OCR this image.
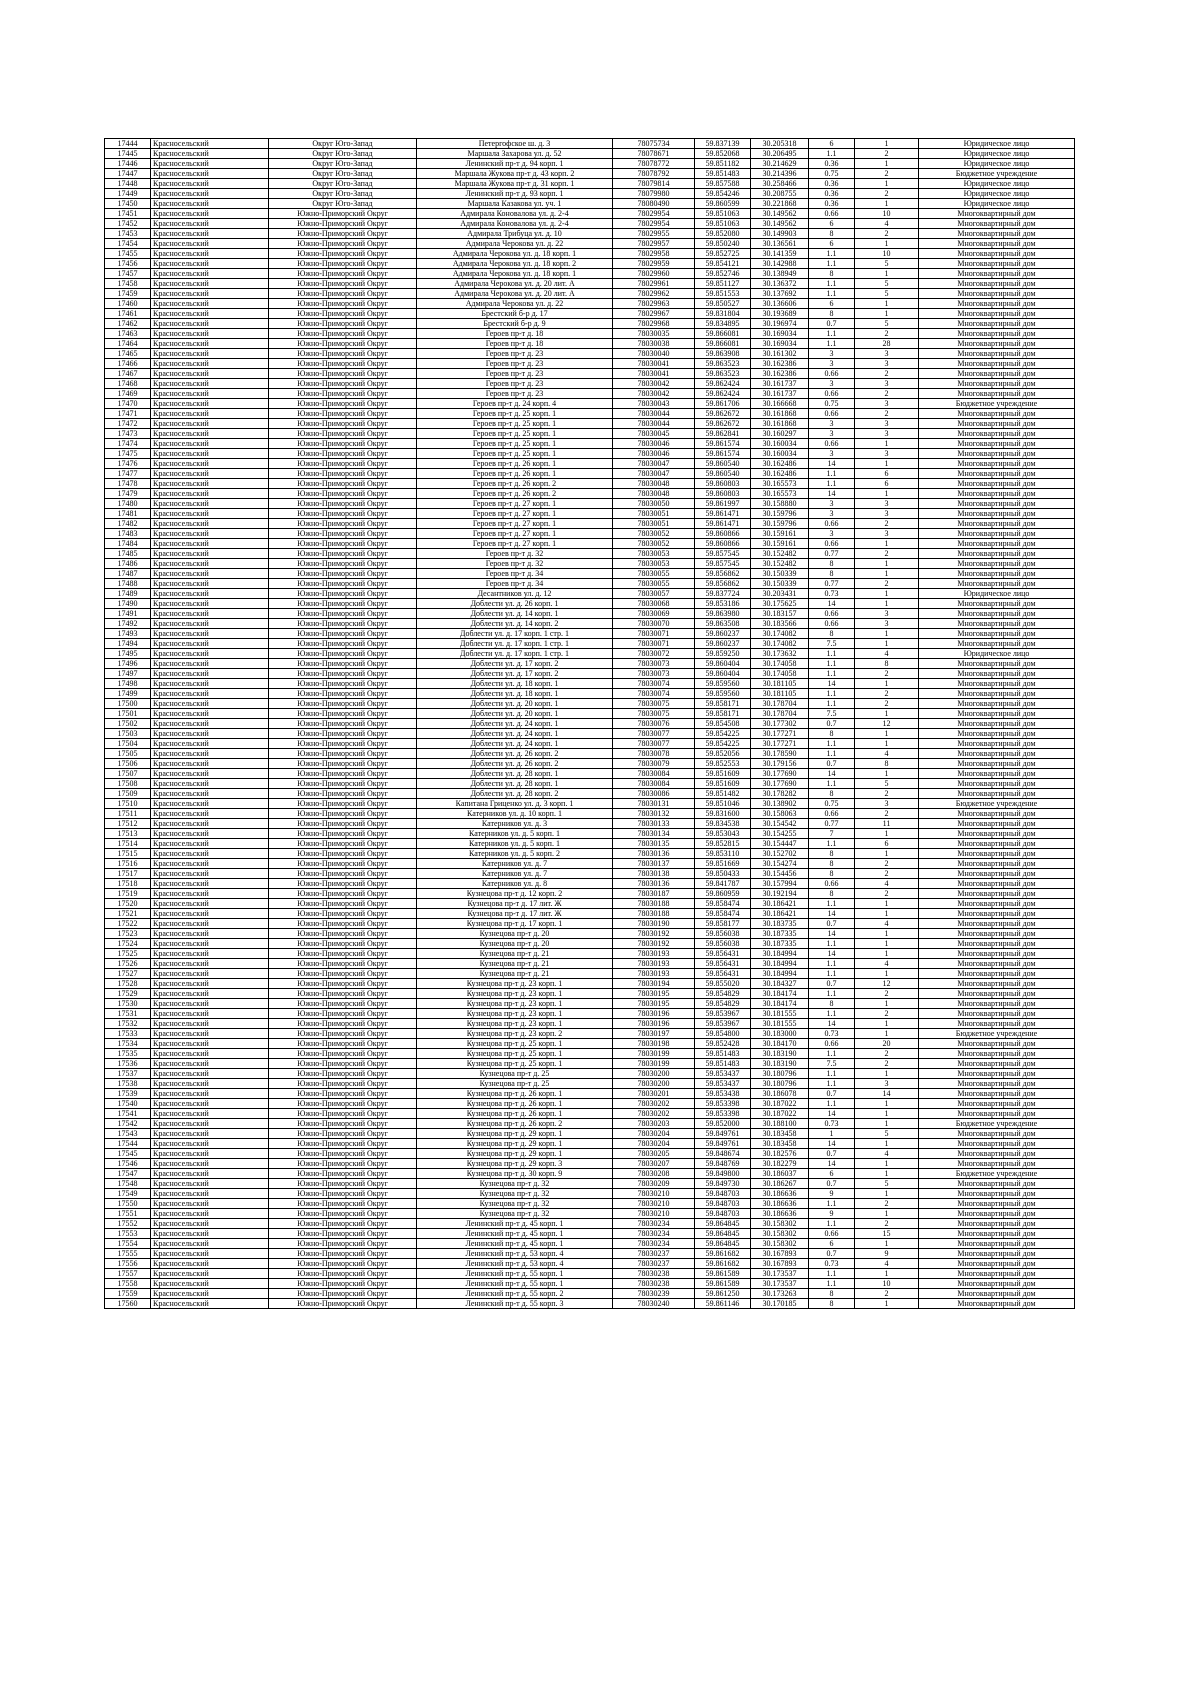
17444	Красносельский	Округ Юго-Запад	Петергофское ш. д. 3	78075734	59.837139	30.205318	6	1	Юридическое лицо
17445	Красносельский	Округ Юго-Запад	Маршала Захарова ул. д. 52	78078671	59.852068	30.206495	1.1	2	Юридическое лицо
17446	Красносельский	Округ Юго-Запад	Ленинский пр-т д. 94 корп. 1	78078772	59.851182	30.214629	0.36	1	Юридическое лицо
17447	Красносельский	Округ Юго-Запад	Маршала Жукова пр-т д. 43 корп. 2	78078792	59.851483	30.214396	0.75	2	Бюджетное учреждение
17448	Красносельский	Округ Юго-Запад	Маршала Жукова пр-т д. 31 корп. 1	78079814	59.857588	30.258466	0.36	1	Юридическое лицо
17449	Красносельский	Округ Юго-Запад	Ленинский пр-т д. 93 корп. 1	78079980	59.854246	30.208755	0.36	2	Юридическое лицо
17450	Красносельский	Округ Юго-Запад	Маршала Казакова ул. уч. 1	78080490	59.860599	30.221868	0.36	1	Юридическое лицо
17451	Красносельский	Южно-Приморский Округ	Адмирала Коновалова ул. д. 2-4	78029954	59.851063	30.149562	0.66	10	Многоквартирный дом
17452	Красносельский	Южно-Приморский Округ	Адмирала Коновалова ул. д. 2-4	78029954	59.851063	30.149562	6	4	Многоквартирный дом
17453	Красносельский	Южно-Приморский Округ	Адмирала Трибуца ул. д. 10	78029955	59.852080	30.149903	8	2	Многоквартирный дом
17454	Красносельский	Южно-Приморский Округ	Адмирала Черокова ул. д. 22	78029957	59.850240	30.136561	6	1	Многоквартирный дом
17455	Красносельский	Южно-Приморский Округ	Адмирала Черокова ул. д. 18 корп. 1	78029958	59.852725	30.141359	1.1	10	Многоквартирный дом
17456	Красносельский	Южно-Приморский Округ	Адмирала Черокова ул. д. 18 корп. 2	78029959	59.854121	30.142988	1.1	5	Многоквартирный дом
17457	Красносельский	Южно-Приморский Округ	Адмирала Черокова ул. д. 18 корп. 1	78029960	59.852746	30.138949	8	1	Многоквартирный дом
17458	Красносельский	Южно-Приморский Округ	Адмирала Черокова ул. д. 20 лит. А	78029961	59.851127	30.136372	1.1	5	Многоквартирный дом
17459	Красносельский	Южно-Приморский Округ	Адмирала Черокова ул. д. 20 лит. А	78029962	59.851553	30.137692	1.1	5	Многоквартирный дом
17460	Красносельский	Южно-Приморский Округ	Адмирала Черокова ул. д. 22	78029963	59.850527	30.136606	6	1	Многоквартирный дом
17461	Красносельский	Южно-Приморский Округ	Брестский б-р д. 17	78029967	59.831804	30.193689	8	1	Многоквартирный дом
17462	Красносельский	Южно-Приморский Округ	Брестский б-р д. 9	78029968	59.834895	30.196974	0.7	5	Многоквартирный дом
17463	Красносельский	Южно-Приморский Округ	Героев пр-т д. 18	78030035	59.866081	30.169034	1.1	2	Многоквартирный дом
17464	Красносельский	Южно-Приморский Округ	Героев пр-т д. 18	78030038	59.866081	30.169034	1.1	28	Многоквартирный дом
17465	Красносельский	Южно-Приморский Округ	Героев пр-т д. 23	78030040	59.863908	30.161302	3	3	Многоквартирный дом
17466	Красносельский	Южно-Приморский Округ	Героев пр-т д. 23	78030041	59.863523	30.162386	3	3	Многоквартирный дом
17467	Красносельский	Южно-Приморский Округ	Героев пр-т д. 23	78030041	59.863523	30.162386	0.66	2	Многоквартирный дом
17468	Красносельский	Южно-Приморский Округ	Героев пр-т д. 23	78030042	59.862424	30.161737	3	3	Многоквартирный дом
17469	Красносельский	Южно-Приморский Округ	Героев пр-т д. 23	78030042	59.862424	30.161737	0.66	2	Многоквартирный дом
17470	Красносельский	Южно-Приморский Округ	Героев пр-т д. 24 корп. 4	78030043	59.861706	30.166668	0.75	3	Бюджетное учреждение
17471	Красносельский	Южно-Приморский Округ	Героев пр-т д. 25 корп. 1	78030044	59.862672	30.161868	0.66	2	Многоквартирный дом
17472	Красносельский	Южно-Приморский Округ	Героев пр-т д. 25 корп. 1	78030044	59.862672	30.161868	3	3	Многоквартирный дом
17473	Красносельский	Южно-Приморский Округ	Героев пр-т д. 25 корп. 1	78030045	59.862841	30.160297	3	3	Многоквартирный дом
17474	Красносельский	Южно-Приморский Округ	Героев пр-т д. 25 корп. 1	78030046	59.861574	30.160034	0.66	1	Многоквартирный дом
17475	Красносельский	Южно-Приморский Округ	Героев пр-т д. 25 корп. 1	78030046	59.861574	30.160034	3	3	Многоквартирный дом
17476	Красносельский	Южно-Приморский Округ	Героев пр-т д. 26 корп. 1	78030047	59.860540	30.162486	14	1	Многоквартирный дом
17477	Красносельский	Южно-Приморский Округ	Героев пр-т д. 26 корп. 1	78030047	59.860540	30.162486	1.1	6	Многоквартирный дом
17478	Красносельский	Южно-Приморский Округ	Героев пр-т д. 26 корп. 2	78030048	59.860803	30.165573	1.1	6	Многоквартирный дом
17479	Красносельский	Южно-Приморский Округ	Героев пр-т д. 26 корп. 2	78030048	59.860803	30.165573	14	1	Многоквартирный дом
17480	Красносельский	Южно-Приморский Округ	Героев пр-т д. 27 корп. 1	78030050	59.861997	30.158880	3	3	Многоквартирный дом
17481	Красносельский	Южно-Приморский Округ	Героев пр-т д. 27 корп. 1	78030051	59.861471	30.159796	3	3	Многоквартирный дом
17482	Красносельский	Южно-Приморский Округ	Героев пр-т д. 27 корп. 1	78030051	59.861471	30.159796	0.66	2	Многоквартирный дом
17483	Красносельский	Южно-Приморский Округ	Героев пр-т д. 27 корп. 1	78030052	59.860866	30.159161	3	3	Многоквартирный дом
17484	Красносельский	Южно-Приморский Округ	Героев пр-т д. 27 корп. 1	78030052	59.860866	30.159161	0.66	1	Многоквартирный дом
17485	Красносельский	Южно-Приморский Округ	Героев пр-т д. 32	78030053	59.857545	30.152482	0.77	2	Многоквартирный дом
17486	Красносельский	Южно-Приморский Округ	Героев пр-т д. 32	78030053	59.857545	30.152482	8	1	Многоквартирный дом
17487	Красносельский	Южно-Приморский Округ	Героев пр-т д. 34	78030055	59.856862	30.150339	8	1	Многоквартирный дом
17488	Красносельский	Южно-Приморский Округ	Героев пр-т д. 34	78030055	59.856862	30.150339	0.77	2	Многоквартирный дом
17489	Красносельский	Южно-Приморский Округ	Десантников ул. д. 12	78030057	59.837724	30.203431	0.73	1	Юридическое лицо
17490	Красносельский	Южно-Приморский Округ	Доблести ул. д. 26 корп. 1	78030068	59.853186	30.175625	14	1	Многоквартирный дом
17491	Красносельский	Южно-Приморский Округ	Доблести ул. д. 14 корп. 1	78030069	59.863980	30.183157	0.66	3	Многоквартирный дом
17492	Красносельский	Южно-Приморский Округ	Доблести ул. д. 14 корп. 2	78030070	59.863508	30.183566	0.66	3	Многоквартирный дом
17493	Красносельский	Южно-Приморский Округ	Доблести ул. д. 17 корп. 1 стр. 1	78030071	59.860237	30.174082	8	1	Многоквартирный дом
17494	Красносельский	Южно-Приморский Округ	Доблести ул. д. 17 корп. 1 стр. 1	78030071	59.860237	30.174082	7.5	1	Многоквартирный дом
17495	Красносельский	Южно-Приморский Округ	Доблести ул. д. 17 корп. 1 стр. 1	78030072	59.859250	30.173632	1.1	4	Юридическое лицо
17496	Красносельский	Южно-Приморский Округ	Доблести ул. д. 17 корп. 2	78030073	59.860404	30.174058	1.1	8	Многоквартирный дом
17497	Красносельский	Южно-Приморский Округ	Доблести ул. д. 17 корп. 2	78030073	59.860404	30.174058	1.1	2	Многоквартирный дом
17498	Красносельский	Южно-Приморский Округ	Доблести ул. д. 18 корп. 1	78030074	59.859560	30.181105	14	1	Многоквартирный дом
17499	Красносельский	Южно-Приморский Округ	Доблести ул. д. 18 корп. 1	78030074	59.859560	30.181105	1.1	2	Многоквартирный дом
17500	Красносельский	Южно-Приморский Округ	Доблести ул. д. 20 корп. 1	78030075	59.858171	30.178704	1.1	2	Многоквартирный дом
17501	Красносельский	Южно-Приморский Округ	Доблести ул. д. 20 корп. 1	78030075	59.858171	30.178704	7.5	1	Многоквартирный дом
17502	Красносельский	Южно-Приморский Округ	Доблести ул. д. 24 корп. 1	78030076	59.854508	30.177302	0.7	12	Многоквартирный дом
17503	Красносельский	Южно-Приморский Округ	Доблести ул. д. 24 корп. 1	78030077	59.854225	30.177271	8	1	Многоквартирный дом
17504	Красносельский	Южно-Приморский Округ	Доблести ул. д. 24 корп. 1	78030077	59.854225	30.177271	1.1	1	Многоквартирный дом
17505	Красносельский	Южно-Приморский Округ	Доблести ул. д. 26 корп. 2	78030078	59.852056	30.178590	1.1	4	Многоквартирный дом
17506	Красносельский	Южно-Приморский Округ	Доблести ул. д. 26 корп. 2	78030079	59.852553	30.179156	0.7	8	Многоквартирный дом
17507	Красносельский	Южно-Приморский Округ	Доблести ул. д. 28 корп. 1	78030084	59.851609	30.177690	14	1	Многоквартирный дом
17508	Красносельский	Южно-Приморский Округ	Доблести ул. д. 28 корп. 1	78030084	59.851609	30.177690	1.1	5	Многоквартирный дом
17509	Красносельский	Южно-Приморский Округ	Доблести ул. д. 28 корп. 2	78030086	59.851482	30.178282	8	2	Многоквартирный дом
17510	Красносельский	Южно-Приморский Округ	Капитана Гриценко ул. д. 3 корп. 1	78030131	59.851046	30.138902	0.75	3	Бюджетное учреждение
17511	Красносельский	Южно-Приморский Округ	Катерников ул. д. 10 корп. 1	78030132	59.831600	30.158063	0.66	2	Многоквартирный дом
17512	Красносельский	Южно-Приморский Округ	Катерников ул. д. 3	78030133	59.834538	30.154542	0.77	11	Многоквартирный дом
17513	Красносельский	Южно-Приморский Округ	Катерников ул. д. 5 корп. 1	78030134	59.853043	30.154255	7	1	Многоквартирный дом
17514	Красносельский	Южно-Приморский Округ	Катерников ул. д. 5 корп. 1	78030135	59.852815	30.154447	1.1	6	Многоквартирный дом
17515	Красносельский	Южно-Приморский Округ	Катерников ул. д. 5 корп. 2	78030136	59.853110	30.152702	8	1	Многоквартирный дом
17516	Красносельский	Южно-Приморский Округ	Катерников ул. д. 7	78030137	59.851669	30.154274	8	2	Многоквартирный дом
17517	Красносельский	Южно-Приморский Округ	Катерников ул. д. 7	78030138	59.850433	30.154456	8	2	Многоквартирный дом
17518	Красносельский	Южно-Приморский Округ	Катерников ул. д. 8	78030136	59.841787	30.157994	0.66	4	Многоквартирный дом
17519	Красносельский	Южно-Приморский Округ	Кузнецова пр-т д. 12 корп. 2	78030187	59.860959	30.192194	8	2	Многоквартирный дом
17520	Красносельский	Южно-Приморский Округ	Кузнецова пр-т д. 17 лит. Ж	78030188	59.858474	30.186421	1.1	1	Многоквартирный дом
17521	Красносельский	Южно-Приморский Округ	Кузнецова пр-т д. 17 лит. Ж	78030188	59.858474	30.186421	14	1	Многоквартирный дом
17522	Красносельский	Южно-Приморский Округ	Кузнецова пр-т д. 17 корп. 1	78030190	59.858177	30.183735	0.7	4	Многоквартирный дом
17523	Красносельский	Южно-Приморский Округ	Кузнецова пр-т д. 20	78030192	59.856038	30.187335	14	1	Многоквартирный дом
17524	Красносельский	Южно-Приморский Округ	Кузнецова пр-т д. 20	78030192	59.856038	30.187335	1.1	1	Многоквартирный дом
17525	Красносельский	Южно-Приморский Округ	Кузнецова пр-т д. 21	78030193	59.856431	30.184994	14	1	Многоквартирный дом
17526	Красносельский	Южно-Приморский Округ	Кузнецова пр-т д. 21	78030193	59.856431	30.184994	1.1	4	Многоквартирный дом
17527	Красносельский	Южно-Приморский Округ	Кузнецова пр-т д. 21	78030193	59.856431	30.184994	1.1	1	Многоквартирный дом
17528	Красносельский	Южно-Приморский Округ	Кузнецова пр-т д. 23 корп. 1	78030194	59.855020	30.184327	0.7	12	Многоквартирный дом
17529	Красносельский	Южно-Приморский Округ	Кузнецова пр-т д. 23 корп. 1	78030195	59.854829	30.184174	1.1	2	Многоквартирный дом
17530	Красносельский	Южно-Приморский Округ	Кузнецова пр-т д. 23 корп. 1	78030195	59.854829	30.184174	8	1	Многоквартирный дом
17531	Красносельский	Южно-Приморский Округ	Кузнецова пр-т д. 23 корп. 1	78030196	59.853967	30.181555	1.1	2	Многоквартирный дом
17532	Красносельский	Южно-Приморский Округ	Кузнецова пр-т д. 23 корп. 1	78030196	59.853967	30.181555	14	1	Многоквартирный дом
17533	Красносельский	Южно-Приморский Округ	Кузнецова пр-т д. 23 корп. 2	78030197	59.854800	30.183000	0.73	1	Бюджетное учреждение
17534	Красносельский	Южно-Приморский Округ	Кузнецова пр-т д. 25 корп. 1	78030198	59.852428	30.184170	0.66	20	Многоквартирный дом
17535	Красносельский	Южно-Приморский Округ	Кузнецова пр-т д. 25 корп. 1	78030199	59.851483	30.183190	1.1	2	Многоквартирный дом
17536	Красносельский	Южно-Приморский Округ	Кузнецова пр-т д. 25 корп. 1	78030199	59.851483	30.183190	7.5	2	Многоквартирный дом
17537	Красносельский	Южно-Приморский Округ	Кузнецова пр-т д. 25	78030200	59.853437	30.180796	1.1	1	Многоквартирный дом
17538	Красносельский	Южно-Приморский Округ	Кузнецова пр-т д. 25	78030200	59.853437	30.180796	1.1	3	Многоквартирный дом
17539	Красносельский	Южно-Приморский Округ	Кузнецова пр-т д. 26 корп. 1	78030201	59.853438	30.186078	0.7	14	Многоквартирный дом
17540	Красносельский	Южно-Приморский Округ	Кузнецова пр-т д. 26 корп. 1	78030202	59.853398	30.187022	1.1	1	Многоквартирный дом
17541	Красносельский	Южно-Приморский Округ	Кузнецова пр-т д. 26 корп. 1	78030202	59.853398	30.187022	14	1	Многоквартирный дом
17542	Красносельский	Южно-Приморский Округ	Кузнецова пр-т д. 26 корп. 2	78030203	59.852000	30.188100	0.73	1	Бюджетное учреждение
17543	Красносельский	Южно-Приморский Округ	Кузнецова пр-т д. 29 корп. 1	78030204	59.849761	30.183458	1	5	Многоквартирный дом
17544	Красносельский	Южно-Приморский Округ	Кузнецова пр-т д. 29 корп. 1	78030204	59.849761	30.183458	14	1	Многоквартирный дом
17545	Красносельский	Южно-Приморский Округ	Кузнецова пр-т д. 29 корп. 1	78030205	59.848674	30.182576	0.7	4	Многоквартирный дом
17546	Красносельский	Южно-Приморский Округ	Кузнецова пр-т д. 29 корп. 3	78030207	59.848769	30.182279	14	1	Многоквартирный дом
17547	Красносельский	Южно-Приморский Округ	Кузнецова пр-т д. 30 корп. 9	78030208	59.849800	30.186037	6	1	Бюджетное учреждение
17548	Красносельский	Южно-Приморский Округ	Кузнецова пр-т д. 32	78030209	59.849730	30.186267	0.7	5	Многоквартирный дом
17549	Красносельский	Южно-Приморский Округ	Кузнецова пр-т д. 32	78030210	59.848703	30.186636	9	1	Многоквартирный дом
17550	Красносельский	Южно-Приморский Округ	Кузнецова пр-т д. 32	78030210	59.848703	30.186636	1.1	2	Многоквартирный дом
17551	Красносельский	Южно-Приморский Округ	Кузнецова пр-т д. 32	78030210	59.848703	30.186636	9	1	Многоквартирный дом
17552	Красносельский	Южно-Приморский Округ	Ленинский пр-т д. 45 корп. 1	78030234	59.864845	30.158302	1.1	2	Многоквартирный дом
17553	Красносельский	Южно-Приморский Округ	Ленинский пр-т д. 45 корп. 1	78030234	59.864845	30.158302	0.66	15	Многоквартирный дом
17554	Красносельский	Южно-Приморский Округ	Ленинский пр-т д. 45 корп. 1	78030234	59.864845	30.158302	6	1	Многоквартирный дом
17555	Красносельский	Южно-Приморский Округ	Ленинский пр-т д. 53 корп. 4	78030237	59.861682	30.167893	0.7	9	Многоквартирный дом
17556	Красносельский	Южно-Приморский Округ	Ленинский пр-т д. 53 корп. 4	78030237	59.861682	30.167893	0.73	4	Многоквартирный дом
17557	Красносельский	Южно-Приморский Округ	Ленинский пр-т д. 55 корп. 1	78030238	59.861589	30.173537	1.1	1	Многоквартирный дом
17558	Красносельский	Южно-Приморский Округ	Ленинский пр-т д. 55 корп. 1	78030238	59.861589	30.173537	1.1	10	Многоквартирный дом
17559	Красносельский	Южно-Приморский Округ	Ленинский пр-т д. 55 корп. 2	78030239	59.861250	30.173263	8	2	Многоквартирный дом
17560	Красносельский	Южно-Приморский Округ	Ленинский пр-т д. 55 корп. 3	78030240	59.861146	30.170185	8	1	Многоквартирный дом
